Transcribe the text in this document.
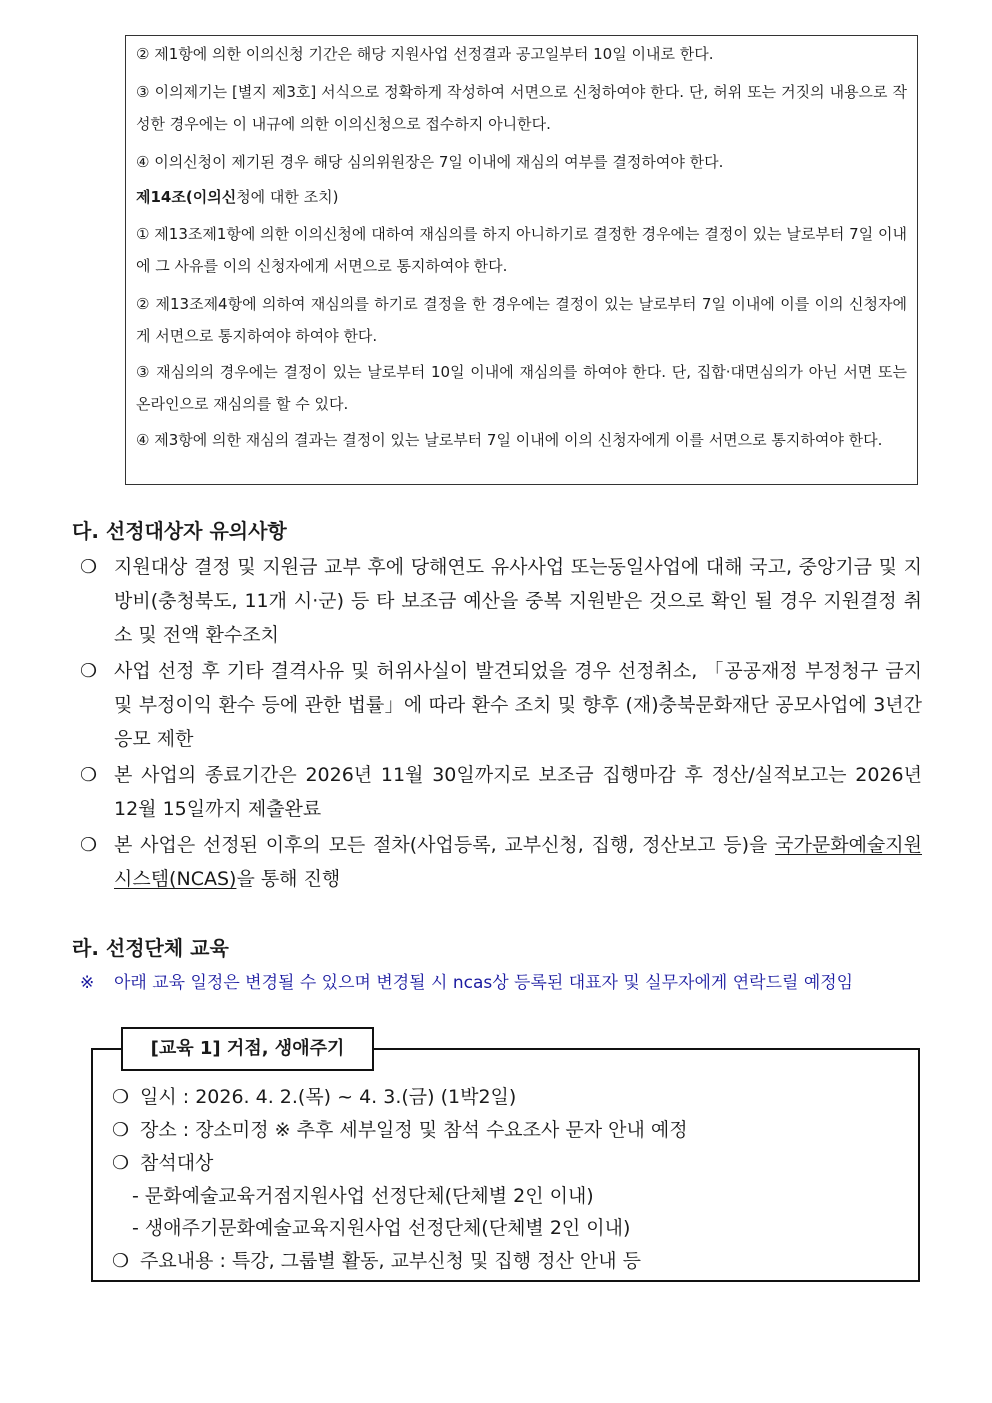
② 제1항에 의한 이의신청 기간은 해당 지원사업 선정결과 공고일부터 10일 이내로 한다.
③ 이의제기는 [별지 제3호] 서식으로 정확하게 작성하여 서면으로 신청하여야 한다. 단, 허위 또는 거짓의 내용으로 작성한 경우에는 이 내규에 의한 이의신청으로 접수하지 아니한다.
④ 이의신청이 제기된 경우 해당 심의위원장은 7일 이내에 재심의 여부를 결정하여야 한다.
제14조(이의신청에 대한 조치)
① 제13조제1항에 의한 이의신청에 대하여 재심의를 하지 아니하기로 결정한 경우에는 결정이 있는 날로부터 7일 이내에 그 사유를 이의 신청자에게 서면으로 통지하여야 한다.
② 제13조제4항에 의하여 재심의를 하기로 결정을 한 경우에는 결정이 있는 날로부터 7일 이내에 이를 이의 신청자에게 서면으로 통지하여야 하여야 한다.
③ 재심의의 경우에는 결정이 있는 날로부터 10일 이내에 재심의를 하여야 한다. 단, 집합·대면심의가 아닌 서면 또는 온라인으로 재심의를 할 수 있다.
④ 제3항에 의한 재심의 결과는 결정이 있는 날로부터 7일 이내에 이의 신청자에게 이를 서면으로 통지하여야 한다.
다. 선정대상자 유의사항
❍ 지원대상 결정 및 지원금 교부 후에 당해연도 유사사업 또는동일사업에 대해 국고, 중앙기금 및 지방비(충청북도, 11개 시·군) 등 타 보조금 예산을 중복 지원받은 것으로 확인 될 경우 지원결정 취소 및 전액 환수조치
❍ 사업 선정 후 기타 결격사유 및 허위사실이 발견되었을 경우 선정취소, 「공공재정 부정청구 금지 및 부정이익 환수 등에 관한 법률」에 따라 환수 조치 및 향후 (재)충북문화재단 공모사업에 3년간 응모 제한
❍ 본 사업의 종료기간은 2026년 11월 30일까지로 보조금 집행마감 후 정산/실적보고는 2026년 12월 15일까지 제출완료
❍ 본 사업은 선정된 이후의 모든 절차(사업등록, 교부신청, 집행, 정산보고 등)을 국가문화예술지원시스템(NCAS)을 통해 진행
라. 선정단체 교육
※ 아래 교육 일정은 변경될 수 있으며 변경될 시 ncas상 등록된 대표자 및 실무자에게 연락드릴 예정임
[교육 1] 거점, 생애주기
❍ 일시 : 2026. 4. 2.(목) ~ 4. 3.(금) (1박2일)
❍ 장소 : 장소미정 ※ 추후 세부일정 및 참석 수요조사 문자 안내 예정
❍ 참석대상
- 문화예술교육거점지원사업 선정단체(단체별 2인 이내)
- 생애주기문화예술교육지원사업 선정단체(단체별 2인 이내)
❍ 주요내용 : 특강, 그룹별 활동, 교부신청 및 집행 정산 안내 등
